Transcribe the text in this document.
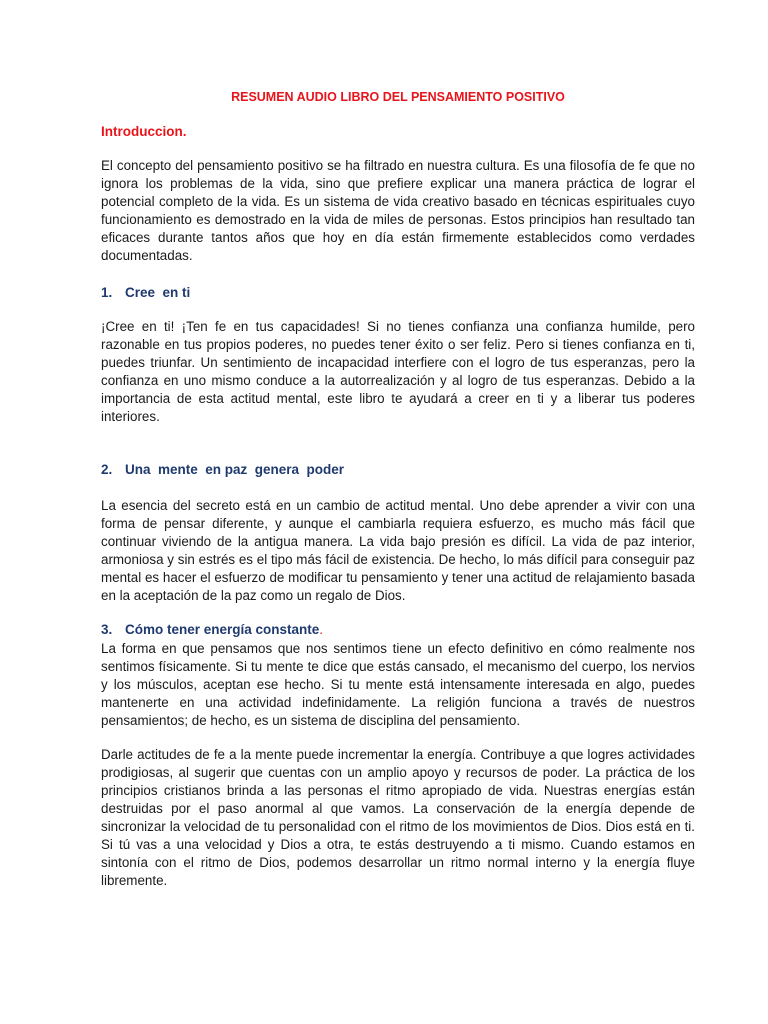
RESUMEN AUDIO LIBRO DEL PENSAMIENTO POSITIVO
Introduccion.

El concepto del pensamiento positivo se ha filtrado en nuestra cultura. Es una filosofía de fe que no ignora los problemas de la vida, sino que prefiere explicar una manera práctica de lograr el potencial completo de la vida. Es un sistema de vida creativo basado en técnicas espirituales cuyo funcionamiento es demostrado en la vida de miles de personas. Estos principios han resultado tan eficaces durante tantos años que hoy en día están firmemente establecidos como verdades documentadas.

1. Cree  en ti

¡Cree en ti! ¡Ten fe en tus capacidades! Si no tienes confianza una confianza humilde, pero razonable en tus propios poderes, no puedes tener éxito o ser feliz. Pero si tienes confianza en ti, puedes triunfar. Un sentimiento de incapacidad interfiere con el logro de tus esperanzas, pero la confianza en uno mismo conduce a la autorrealización y al logro de tus esperanzas. Debido a la importancia de esta actitud mental, este libro te ayudará a creer en ti y a liberar tus poderes interiores.

2. Una  mente  en paz  genera  poder

La esencia del secreto está en un cambio de actitud mental. Uno debe aprender a vivir con una forma de pensar diferente, y aunque el cambiarla requiera esfuerzo, es mucho más fácil que continuar viviendo de la antigua manera. La vida bajo presión es difícil. La vida de paz interior, armoniosa y sin estrés es el tipo más fácil de existencia. De hecho, lo más difícil para conseguir paz mental es hacer el esfuerzo de modificar tu pensamiento y tener una actitud de relajamiento basada en la aceptación de la paz como un regalo de Dios.

3. Cómo tener energía constante.

La forma en que pensamos que nos sentimos tiene un efecto definitivo en cómo realmente nos sentimos físicamente. Si tu mente te dice que estás cansado, el mecanismo del cuerpo, los nervios y los músculos, aceptan ese hecho. Si tu mente está intensamente interesada en algo, puedes mantenerte en una actividad indefinidamente. La religión funciona a través de nuestros pensamientos; de hecho, es un sistema de disciplina del pensamiento.

Darle actitudes de fe a la mente puede incrementar la energía. Contribuye a que logres actividades prodigiosas, al sugerir que cuentas con un amplio apoyo y recursos de poder. La práctica de los principios cristianos brinda a las personas el ritmo apropiado de vida. Nuestras energías están destruidas por el paso anormal al que vamos. La conservación de la energía depende de sincronizar la velocidad de tu personalidad con el ritmo de los movimientos de Dios. Dios está en ti. Si tú vas a una velocidad y Dios a otra, te estás destruyendo a ti mismo. Cuando estamos en sintonía con el ritmo de Dios, podemos desarrollar un ritmo normal interno y la energía fluye libremente.
